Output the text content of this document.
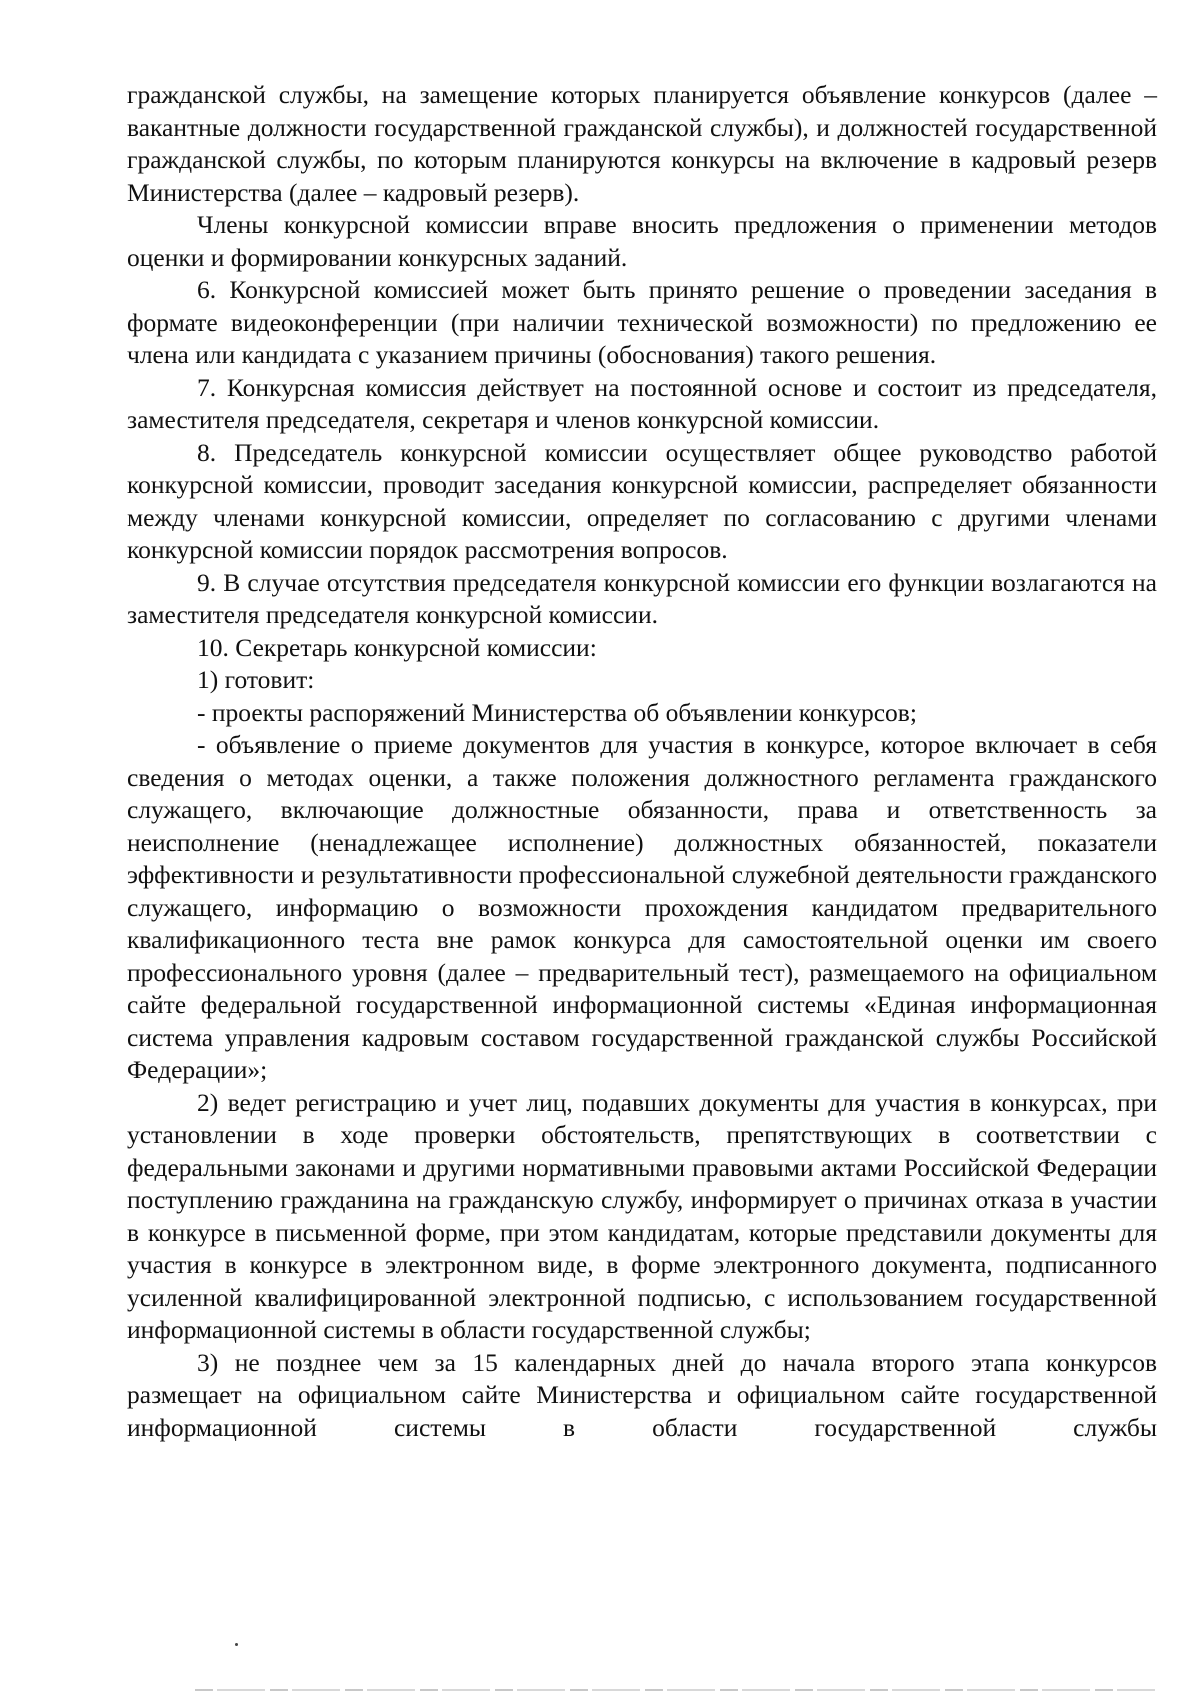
гражданской службы, на замещение которых планируется объявление конкурсов (далее – вакантные должности государственной гражданской службы), и должностей государственной гражданской службы, по которым планируются конкурсы на включение в кадровый резерв Министерства (далее – кадровый резерв).

Члены конкурсной комиссии вправе вносить предложения о применении методов оценки и формировании конкурсных заданий.

6. Конкурсной комиссией может быть принято решение о проведении заседания в формате видеоконференции (при наличии технической возможности) по предложению ее члена или кандидата с указанием причины (обоснования) такого решения.

7. Конкурсная комиссия действует на постоянной основе и состоит из председателя, заместителя председателя, секретаря и членов конкурсной комиссии.

8. Председатель конкурсной комиссии осуществляет общее руководство работой конкурсной комиссии, проводит заседания конкурсной комиссии, распределяет обязанности между членами конкурсной комиссии, определяет по согласованию с другими членами конкурсной комиссии порядок рассмотрения вопросов.

9. В случае отсутствия председателя конкурсной комиссии его функции возлагаются на заместителя председателя конкурсной комиссии.

10. Секретарь конкурсной комиссии:

1) готовит:

- проекты распоряжений Министерства об объявлении конкурсов;

- объявление о приеме документов для участия в конкурсе, которое включает в себя сведения о методах оценки, а также положения должностного регламента гражданского служащего, включающие должностные обязанности, права и ответственность за неисполнение (ненадлежащее исполнение) должностных обязанностей, показатели эффективности и результативности профессиональной служебной деятельности гражданского служащего, информацию о возможности прохождения кандидатом предварительного квалификационного теста вне рамок конкурса для самостоятельной оценки им своего профессионального уровня (далее – предварительный тест), размещаемого на официальном сайте федеральной государственной информационной системы «Единая информационная система управления кадровым составом государственной гражданской службы Российской Федерации»;

2) ведет регистрацию и учет лиц, подавших документы для участия в конкурсах, при установлении в ходе проверки обстоятельств, препятствующих в соответствии с федеральными законами и другими нормативными правовыми актами Российской Федерации поступлению гражданина на гражданскую службу, информирует о причинах отказа в участии в конкурсе в письменной форме, при этом кандидатам, которые представили документы для участия в конкурсе в электронном виде, в форме электронного документа, подписанного усиленной квалифицированной электронной подписью, с использованием государственной информационной системы в области государственной службы;

3) не позднее чем за 15 календарных дней до начала второго этапа конкурсов размещает на официальном сайте Министерства и официальном сайте государственной информационной системы в области государственной службы
